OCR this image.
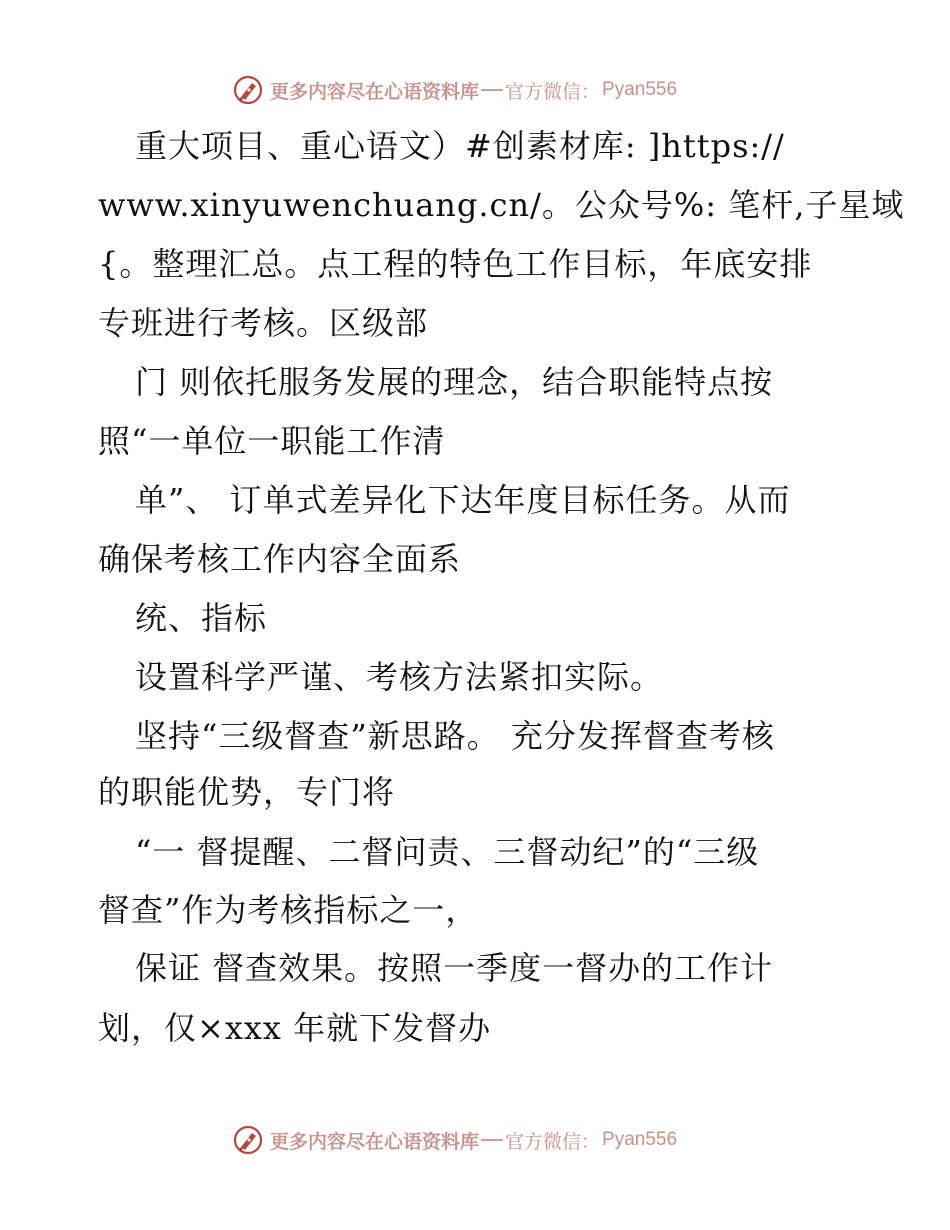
更多内容尽在心语资料库 官方微信： Pyan556
重大项目、重心语文）#创素材库: ]https://
www.xinyuwenchuang.cn/。公众号%: 笔杆,子星域
{。整理汇总。点工程的特色工作目标，年底安排
专班进行考核。区级部
门 则依托服务发展的理念，结合职能特点按
照“一单位一职能工作清
单”、 订单式差异化下达年度目标任务。从而
确保考核工作内容全面系
统、指标
设置科学严谨、考核方法紧扣实际。
坚持“三级督查”新思路。 充分发挥督查考核
的职能优势，专门将
“一 督提醒、二督问责、三督动纪”的“三级
督查”作为考核指标之一，
保证 督查效果。按照一季度一督办的工作计
划，仅×xxx 年就下发督办
更多内容尽在心语资料库 官方微信： Pyan556
